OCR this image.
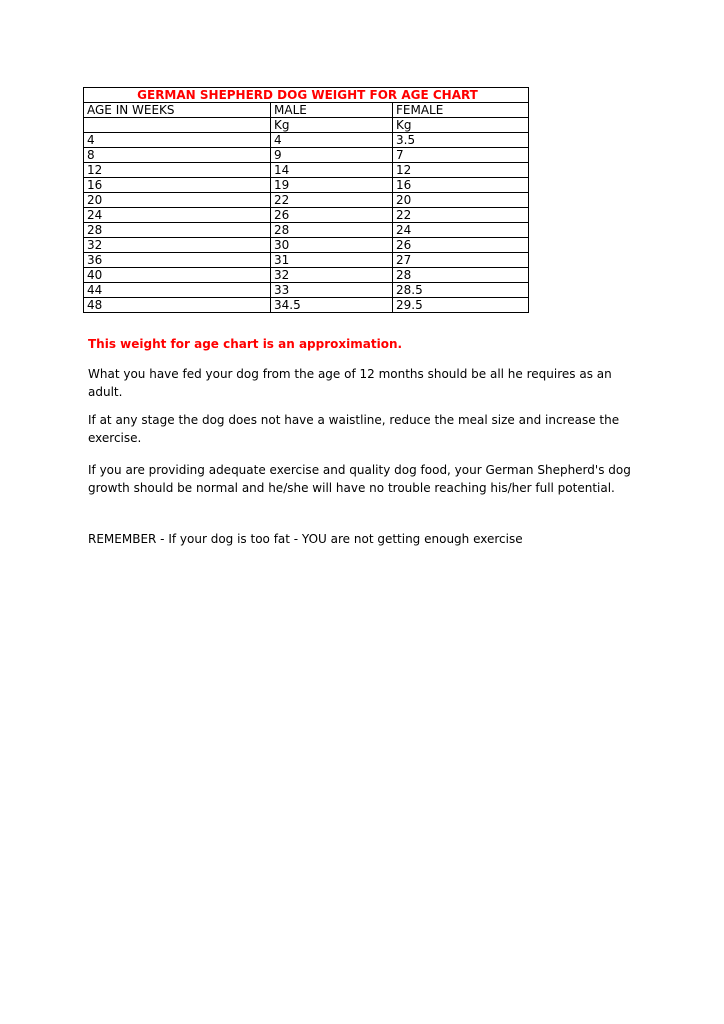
GERMAN SHEPHERD DOG WEIGHT FOR AGE CHART		
AGE IN WEEKS	MALE	FEMALE
	Kg	Kg
4	4	3.5
8	9	7
12	14	12
16	19	16
20	22	20
24	26	22
28	28	24
32	30	26
36	31	27
40	32	28
44	33	28.5
48	34.5	29.5

This weight for age chart is an approximation.

What you have fed your dog from the age of 12 months should be all he requires as an adult.

If at any stage the dog does not have a waistline, reduce the meal size and increase the exercise.

If you are providing adequate exercise and quality dog food, your German Shepherd's dog growth should be normal and he/she will have no trouble reaching his/her full potential.

REMEMBER - If your dog is too fat - YOU are not getting enough exercise
